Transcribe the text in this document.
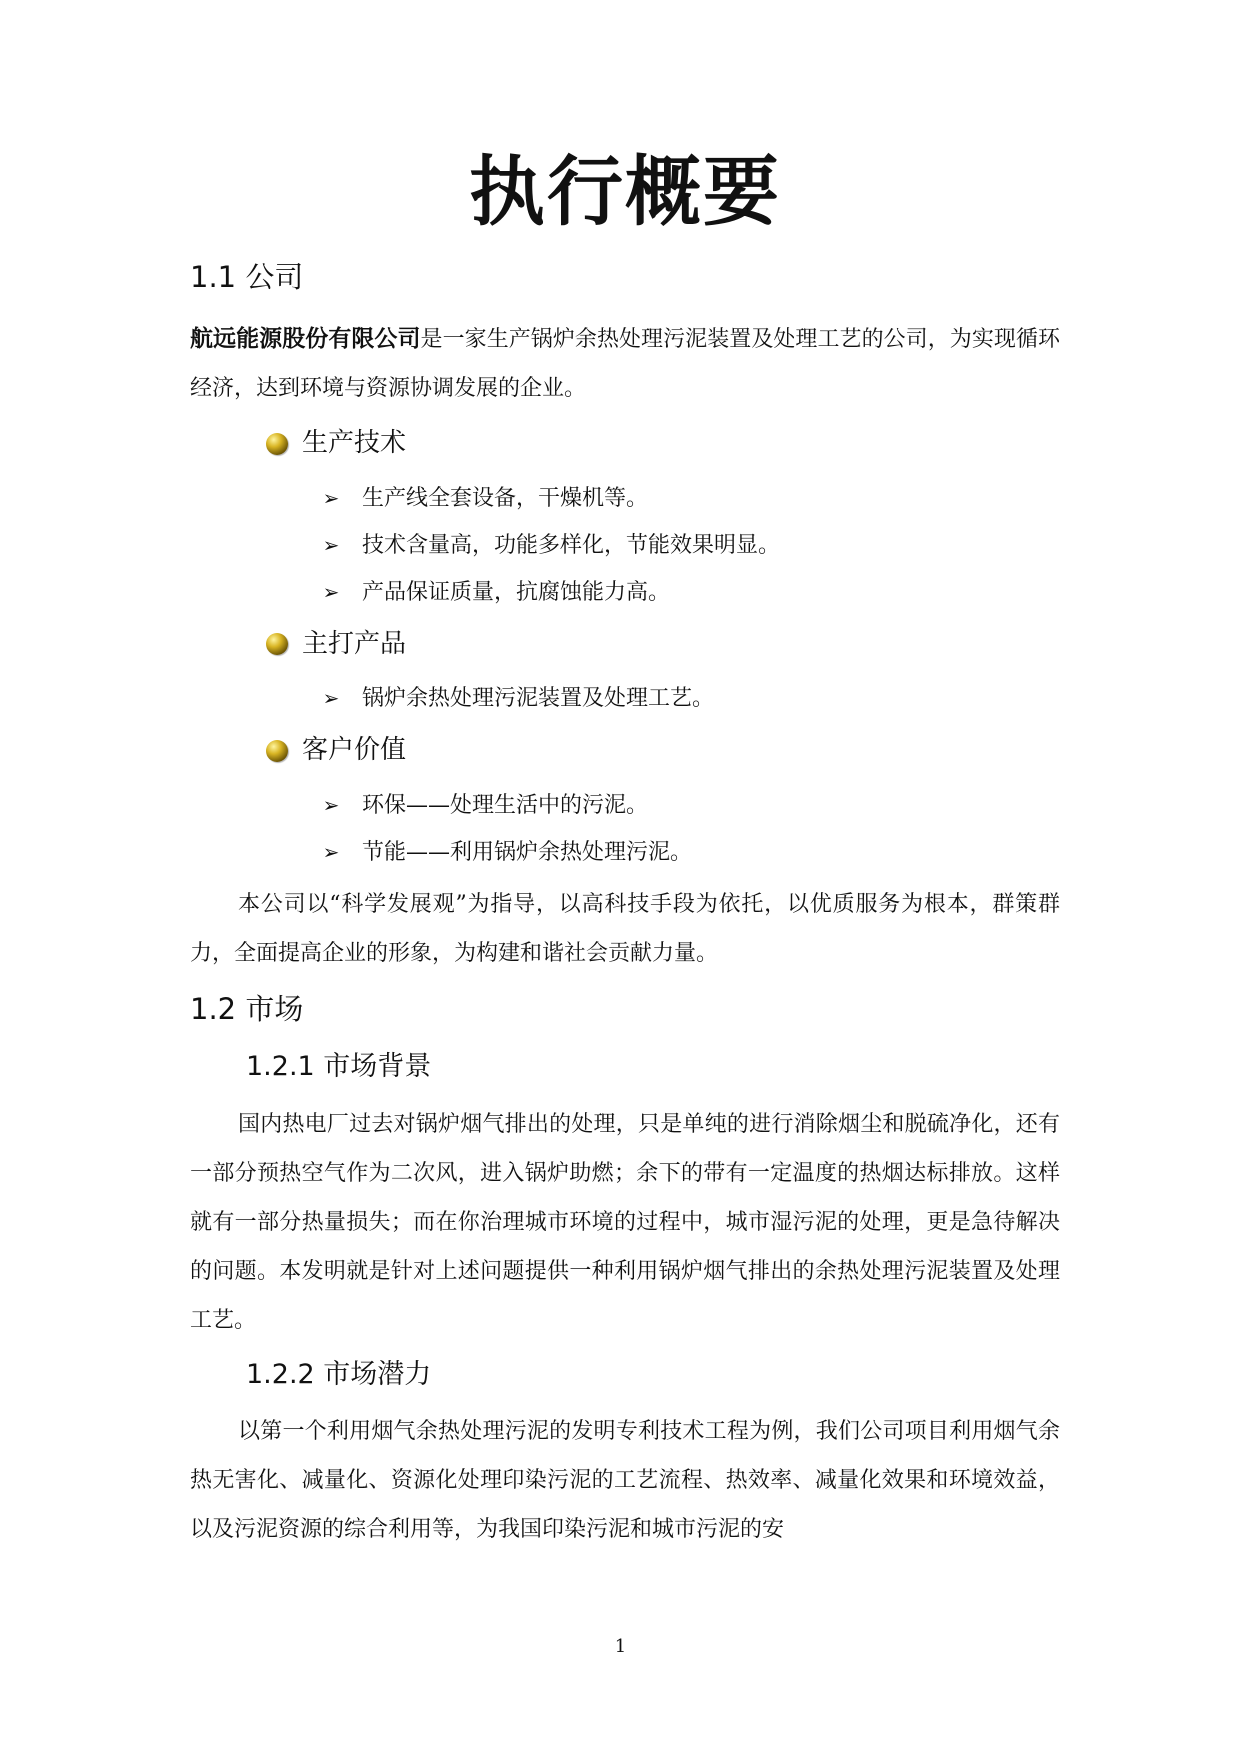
执行概要
1.1 公司

航远能源股份有限公司是一家生产锅炉余热处理污泥装置及处理工艺的公司，为实现循环经济，达到环境与资源协调发展的企业。

生产技术
➢ 生产线全套设备，干燥机等。
➢ 技术含量高，功能多样化，节能效果明显。
➢ 产品保证质量，抗腐蚀能力高。
主打产品
➢ 锅炉余热处理污泥装置及处理工艺。
客户价值
➢ 环保——处理生活中的污泥。
➢ 节能——利用锅炉余热处理污泥。

本公司以“科学发展观”为指导，以高科技手段为依托，以优质服务为根本，群策群力，全面提高企业的形象，为构建和谐社会贡献力量。

1.2 市场
1.2.1 市场背景

国内热电厂过去对锅炉烟气排出的处理，只是单纯的进行消除烟尘和脱硫净化，还有一部分预热空气作为二次风，进入锅炉助燃；余下的带有一定温度的热烟达标排放。这样就有一部分热量损失；而在你治理城市环境的过程中，城市湿污泥的处理，更是急待解决的问题。本发明就是针对上述问题提供一种利用锅炉烟气排出的余热处理污泥装置及处理工艺。

1.2.2 市场潜力

以第一个利用烟气余热处理污泥的发明专利技术工程为例，我们公司项目利用烟气余热无害化、减量化、资源化处理印染污泥的工艺流程、热效率、减量化效果和环境效益，以及污泥资源的综合利用等，为我国印染污泥和城市污泥的安

1
